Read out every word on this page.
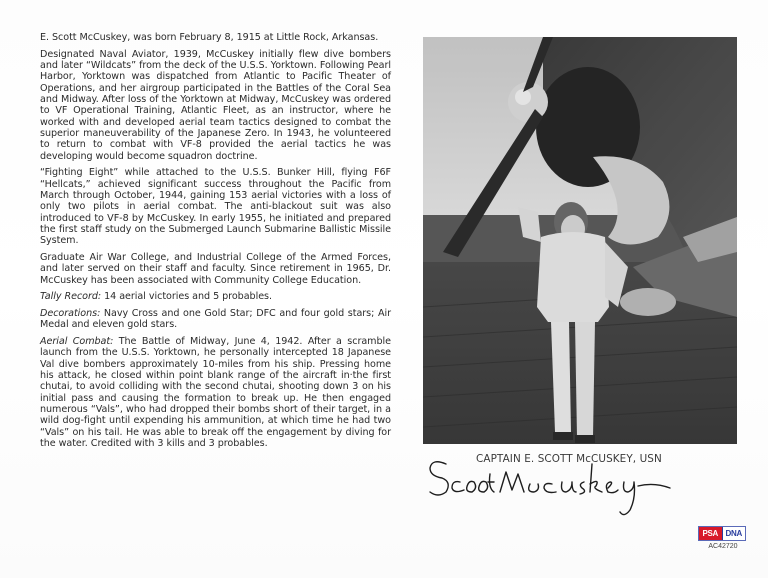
E. Scott McCuskey, was born February 8, 1915 at Little Rock, Arkansas.

Designated Naval Aviator, 1939, McCuskey initially flew dive bombers and later “Wildcats” from the deck of the U.S.S. Yorktown. Following Pearl Harbor, Yorktown was dispatched from Atlantic to Pacific Theater of Operations, and her airgroup participated in the Battles of the Coral Sea and Midway. After loss of the Yorktown at Midway, McCuskey was ordered to VF Operational Training, Atlantic Fleet, as an instructor, where he worked with and developed aerial team tactics designed to combat the superior maneuverability of the Japanese Zero. In 1943, he volunteered to return to combat with VF-8 provided the aerial tactics he was developing would become squadron doctrine.

“Fighting Eight” while attached to the U.S.S. Bunker Hill, flying F6F “Hellcats,” achieved significant success throughout the Pacific from March through October, 1944, gaining 153 aerial victories with a loss of only two pilots in aerial combat. The anti-blackout suit was also introduced to VF-8 by McCuskey. In early 1955, he initiated and prepared the first staff study on the Submerged Launch Submarine Ballistic Missile System.

Graduate Air War College, and Industrial College of the Armed Forces, and later served on their staff and faculty. Since retirement in 1965, Dr. McCuskey has been associated with Community College Education.

Tally Record: 14 aerial victories and 5 probables.

Decorations: Navy Cross and one Gold Star; DFC and four gold stars; Air Medal and eleven gold stars.

Aerial Combat: The Battle of Midway, June 4, 1942. After a scramble launch from the U.S.S. Yorktown, he personally intercepted 18 Japanese Val dive bombers approximately 10-miles from his ship. Pressing home his attack, he closed within point blank range of the aircraft in·the first chutai, to avoid colliding with the second chutai, shooting down 3 on his initial pass and causing the formation to break up. He then engaged numerous “Vals”, who had dropped their bombs short of their target, in a wild dog-fight until expending his ammunition, at which time he had two “Vals” on his tail. He was able to break off the engagement by diving for the water. Credited with 3 kills and 3 probables.

CAPTAIN E. SCOTT McCUSKEY, USN
PSA DNA
AC42720
